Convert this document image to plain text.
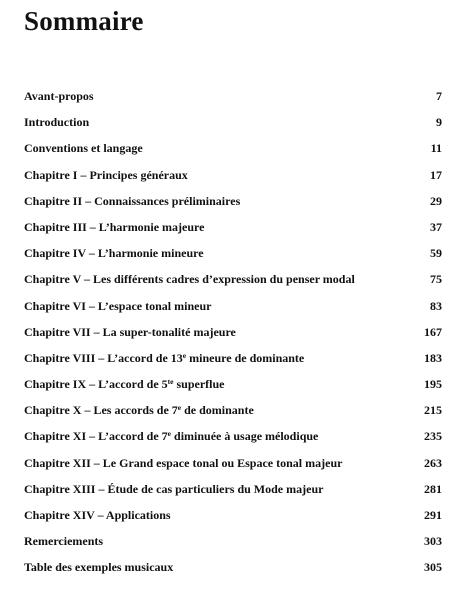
Sommaire
Avant-propos	7
Introduction	9
Conventions et langage	11
Chapitre I – Principes généraux	17
Chapitre II – Connaissances préliminaires	29
Chapitre III – L’harmonie majeure	37
Chapitre IV – L’harmonie mineure	59
Chapitre V – Les différents cadres d’expression du penser modal	75
Chapitre VI – L’espace tonal mineur	83
Chapitre VII – La super-tonalité majeure	167
Chapitre VIII – L’accord de 13e mineure de dominante	183
Chapitre IX – L’accord de $5^{te}$ superflue	195
Chapitre X – Les accords de 7e de dominante	215
Chapitre XI – L’accord de 7e diminuée à usage mélodique	235
Chapitre XII – Le Grand espace tonal ou Espace tonal majeur	263
Chapitre XIII – Étude de cas particuliers du Mode majeur	281
Chapitre XIV – Applications	291
Remerciements	303
Table des exemples musicaux	305
